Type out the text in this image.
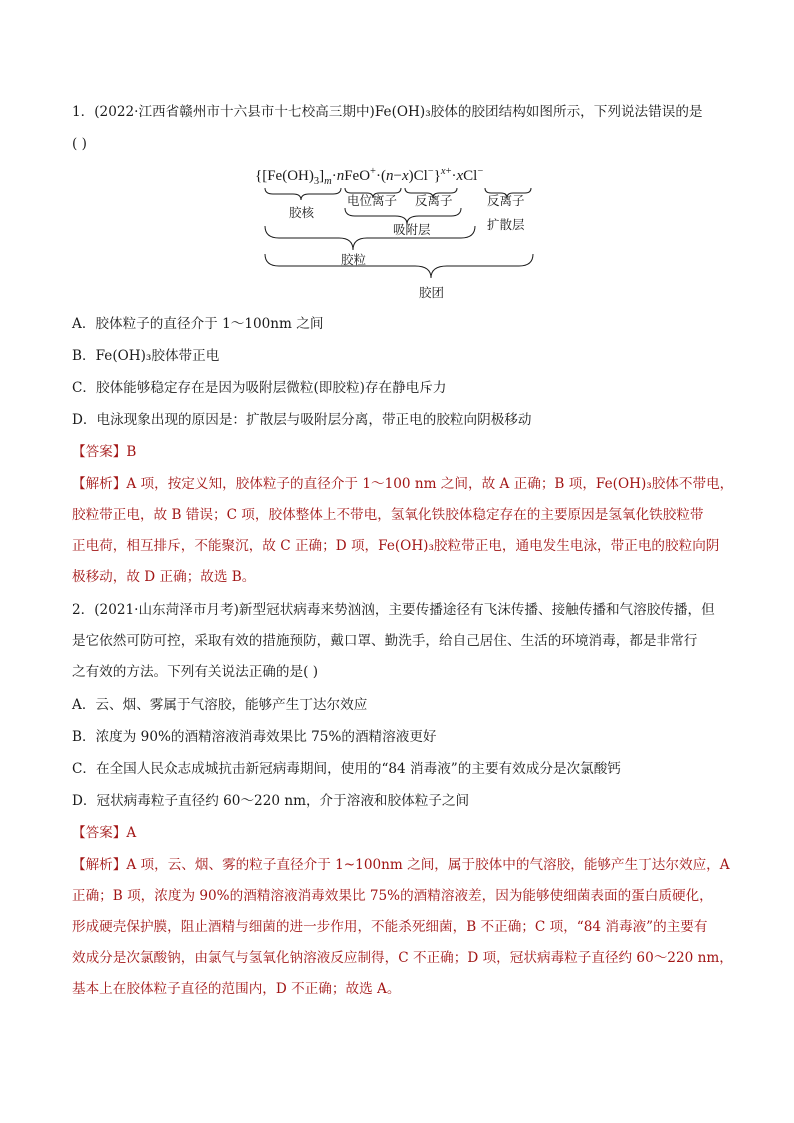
1．(2022·江西省赣州市十六县市十七校高三期中)Fe(OH)₃胶体的胶团结构如图所示，下列说法错误的是
( )
$\{[Fe(OH)_3]_m\cdot nFeO^+\cdot(n-x)Cl^-\}^{x+}\cdot xCl^-$
胶核
电位离子 反离子	反离子
吸附层	扩散层
胶粒
胶团
A．胶体粒子的直径介于 1～100nm 之间
B．Fe(OH)₃胶体带正电
C．胶体能够稳定存在是因为吸附层微粒(即胶粒)存在静电斥力
D．电泳现象出现的原因是：扩散层与吸附层分离，带正电的胶粒向阴极移动
【答案】B
【解析】A 项，按定义知，胶体粒子的直径介于 1～100 nm 之间，故 A 正确；B 项，Fe(OH)₃胶体不带电，
胶粒带正电，故 B 错误；C 项，胶体整体上不带电，氢氧化铁胶体稳定存在的主要原因是氢氧化铁胶粒带
正电荷，相互排斥，不能聚沉，故 C 正确；D 项，Fe(OH)₃胶粒带正电，通电发生电泳，带正电的胶粒向阴
极移动，故 D 正确；故选 B。
2．(2021·山东菏泽市月考)新型冠状病毒来势汹汹，主要传播途径有飞沫传播、接触传播和气溶胶传播，但
是它依然可防可控，采取有效的措施预防，戴口罩、勤洗手，给自己居住、生活的环境消毒，都是非常行
之有效的方法。下列有关说法正确的是( )
A．云、烟、雾属于气溶胶，能够产生丁达尔效应
B．浓度为 90%的酒精溶液消毒效果比 75%的酒精溶液更好
C．在全国人民众志成城抗击新冠病毒期间，使用的“84 消毒液”的主要有效成分是次氯酸钙
D．冠状病毒粒子直径约 60～220 nm，介于溶液和胶体粒子之间
【答案】A
【解析】A 项，云、烟、雾的粒子直径介于 1~100nm 之间，属于胶体中的气溶胶，能够产生丁达尔效应，A
正确；B 项，浓度为 90%的酒精溶液消毒效果比 75%的酒精溶液差，因为能够使细菌表面的蛋白质硬化，
形成硬壳保护膜，阻止酒精与细菌的进一步作用，不能杀死细菌，B 不正确；C 项，“84 消毒液”的主要有
效成分是次氯酸钠，由氯气与氢氧化钠溶液反应制得，C 不正确；D 项，冠状病毒粒子直径约 60～220 nm，
基本上在胶体粒子直径的范围内，D 不正确；故选 A。
